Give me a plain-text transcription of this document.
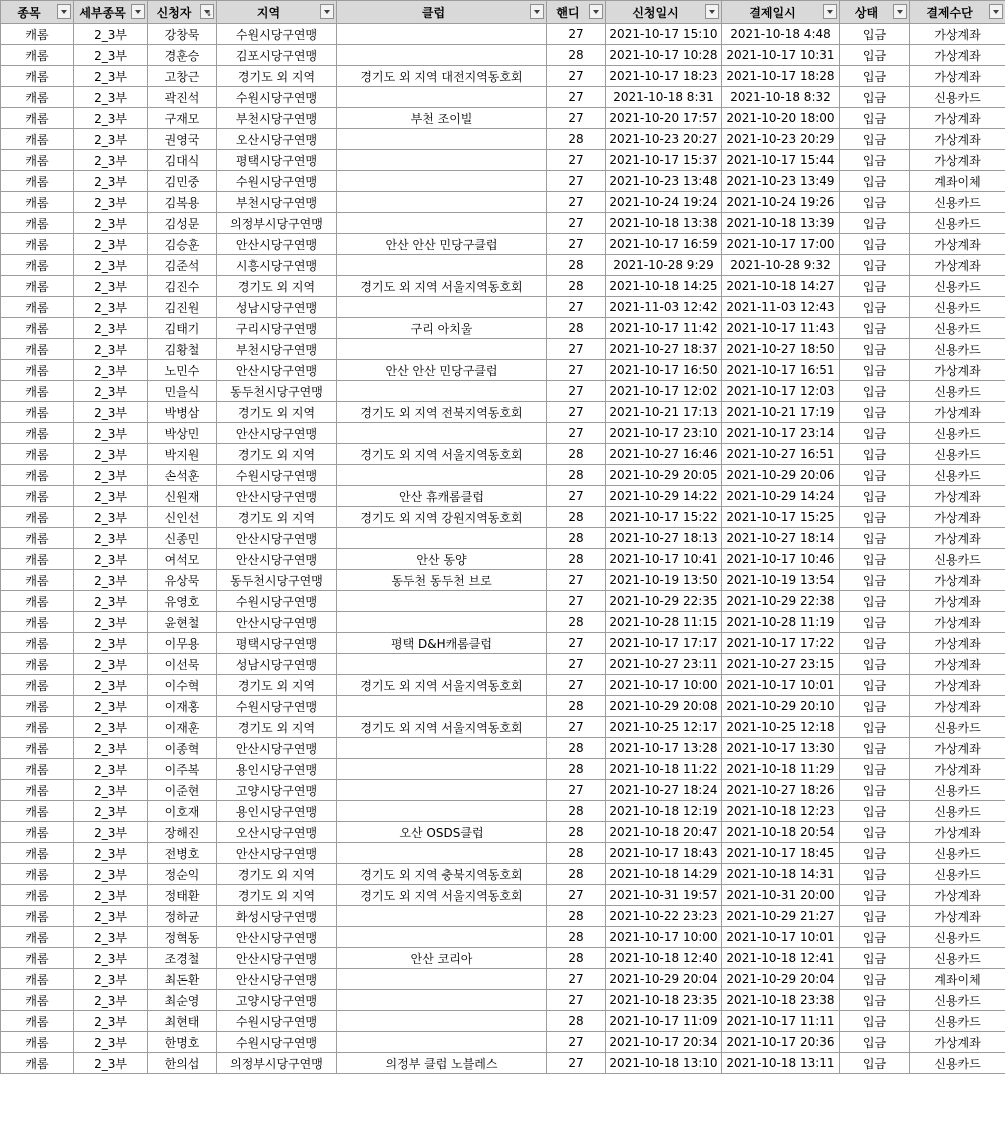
종목	세부종목	신청자 ↓	지역	클럽	핸디	신청일시	결제일시	상태	결제수단

캐롬	2_3부	강창묵	수원시당구연맹		27	2021-10-17 15:10	2021-10-18 4:48	입금	가상계좌
캐롬	2_3부	경훈승	김포시당구연맹		28	2021-10-17 10:28	2021-10-17 10:31	입금	가상계좌
캐롬	2_3부	고창근	경기도 외 지역	경기도 외 지역 대전지역동호회	27	2021-10-17 18:23	2021-10-17 18:28	입금	가상계좌
캐롬	2_3부	곽진석	수원시당구연맹		27	2021-10-18 8:31	2021-10-18 8:32	입금	신용카드
캐롬	2_3부	구재모	부천시당구연맹	부천 조이빌	27	2021-10-20 17:57	2021-10-20 18:00	입금	가상계좌
캐롬	2_3부	권영국	오산시당구연맹		28	2021-10-23 20:27	2021-10-23 20:29	입금	가상계좌
캐롬	2_3부	김대식	평택시당구연맹		27	2021-10-17 15:37	2021-10-17 15:44	입금	가상계좌
캐롬	2_3부	김민중	수원시당구연맹		27	2021-10-23 13:48	2021-10-23 13:49	입금	계좌이체
캐롬	2_3부	김복용	부천시당구연맹		27	2021-10-24 19:24	2021-10-24 19:26	입금	신용카드
캐롬	2_3부	김성문	의정부시당구연맹		27	2021-10-18 13:38	2021-10-18 13:39	입금	신용카드
캐롬	2_3부	김승훈	안산시당구연맹	안산 안산 민당구클럽	27	2021-10-17 16:59	2021-10-17 17:00	입금	가상계좌
캐롬	2_3부	김준석	시흥시당구연맹		28	2021-10-28 9:29	2021-10-28 9:32	입금	가상계좌
캐롬	2_3부	김진수	경기도 외 지역	경기도 외 지역 서울지역동호회	28	2021-10-18 14:25	2021-10-18 14:27	입금	신용카드
캐롬	2_3부	김진원	성남시당구연맹		27	2021-11-03 12:42	2021-11-03 12:43	입금	신용카드
캐롬	2_3부	김태기	구리시당구연맹	구리 아치울	28	2021-10-17 11:42	2021-10-17 11:43	입금	신용카드
캐롬	2_3부	김황철	부천시당구연맹		27	2021-10-27 18:37	2021-10-27 18:50	입금	신용카드
캐롬	2_3부	노민수	안산시당구연맹	안산 안산 민당구클럽	27	2021-10-17 16:50	2021-10-17 16:51	입금	가상계좌
캐롬	2_3부	민을식	동두천시당구연맹		27	2021-10-17 12:02	2021-10-17 12:03	입금	신용카드
캐롬	2_3부	박병삼	경기도 외 지역	경기도 외 지역 전북지역동호회	27	2021-10-21 17:13	2021-10-21 17:19	입금	가상계좌
캐롬	2_3부	박상민	안산시당구연맹		27	2021-10-17 23:10	2021-10-17 23:14	입금	신용카드
캐롬	2_3부	박지원	경기도 외 지역	경기도 외 지역 서울지역동호회	28	2021-10-27 16:46	2021-10-27 16:51	입금	신용카드
캐롬	2_3부	손석훈	수원시당구연맹		28	2021-10-29 20:05	2021-10-29 20:06	입금	신용카드
캐롬	2_3부	신원재	안산시당구연맹	안산 휴캐롬클럽	27	2021-10-29 14:22	2021-10-29 14:24	입금	가상계좌
캐롬	2_3부	신인선	경기도 외 지역	경기도 외 지역 강원지역동호회	28	2021-10-17 15:22	2021-10-17 15:25	입금	가상계좌
캐롬	2_3부	신종민	안산시당구연맹		28	2021-10-27 18:13	2021-10-27 18:14	입금	가상계좌
캐롬	2_3부	여석모	안산시당구연맹	안산 동양	28	2021-10-17 10:41	2021-10-17 10:46	입금	신용카드
캐롬	2_3부	유상묵	동두천시당구연맹	동두천 동두천 브로	27	2021-10-19 13:50	2021-10-19 13:54	입금	가상계좌
캐롬	2_3부	유영호	수원시당구연맹		27	2021-10-29 22:35	2021-10-29 22:38	입금	가상계좌
캐롬	2_3부	윤현철	안산시당구연맹		28	2021-10-28 11:15	2021-10-28 11:19	입금	가상계좌
캐롬	2_3부	이무용	평택시당구연맹	평택 D&H캐롬클럽	27	2021-10-17 17:17	2021-10-17 17:22	입금	가상계좌
캐롬	2_3부	이선묵	성남시당구연맹		27	2021-10-27 23:11	2021-10-27 23:15	입금	가상계좌
캐롬	2_3부	이수혁	경기도 외 지역	경기도 외 지역 서울지역동호회	27	2021-10-17 10:00	2021-10-17 10:01	입금	가상계좌
캐롬	2_3부	이재홍	수원시당구연맹		28	2021-10-29 20:08	2021-10-29 20:10	입금	가상계좌
캐롬	2_3부	이재훈	경기도 외 지역	경기도 외 지역 서울지역동호회	27	2021-10-25 12:17	2021-10-25 12:18	입금	신용카드
캐롬	2_3부	이종혁	안산시당구연맹		28	2021-10-17 13:28	2021-10-17 13:30	입금	가상계좌
캐롬	2_3부	이주복	용인시당구연맹		28	2021-10-18 11:22	2021-10-18 11:29	입금	가상계좌
캐롬	2_3부	이준현	고양시당구연맹		27	2021-10-27 18:24	2021-10-27 18:26	입금	신용카드
캐롬	2_3부	이호재	용인시당구연맹		28	2021-10-18 12:19	2021-10-18 12:23	입금	신용카드
캐롬	2_3부	장해진	오산시당구연맹	오산 OSDS클럽	28	2021-10-18 20:47	2021-10-18 20:54	입금	가상계좌
캐롬	2_3부	전병호	안산시당구연맹		28	2021-10-17 18:43	2021-10-17 18:45	입금	신용카드
캐롬	2_3부	정순익	경기도 외 지역	경기도 외 지역 충북지역동호회	28	2021-10-18 14:29	2021-10-18 14:31	입금	신용카드
캐롬	2_3부	정태환	경기도 외 지역	경기도 외 지역 서울지역동호회	27	2021-10-31 19:57	2021-10-31 20:00	입금	가상계좌
캐롬	2_3부	정하균	화성시당구연맹		28	2021-10-22 23:23	2021-10-29 21:27	입금	가상계좌
캐롬	2_3부	정혁동	안산시당구연맹		28	2021-10-17 10:00	2021-10-17 10:01	입금	신용카드
캐롬	2_3부	조경철	안산시당구연맹	안산 코리아	28	2021-10-18 12:40	2021-10-18 12:41	입금	신용카드
캐롬	2_3부	최돈환	안산시당구연맹		27	2021-10-29 20:04	2021-10-29 20:04	입금	계좌이체
캐롬	2_3부	최순영	고양시당구연맹		27	2021-10-18 23:35	2021-10-18 23:38	입금	신용카드
캐롬	2_3부	최현태	수원시당구연맹		28	2021-10-17 11:09	2021-10-17 11:11	입금	신용카드
캐롬	2_3부	한명호	수원시당구연맹		27	2021-10-17 20:34	2021-10-17 20:36	입금	가상계좌
캐롬	2_3부	한의섭	의정부시당구연맹	의정부 클럽 노블레스	27	2021-10-18 13:10	2021-10-18 13:11	입금	신용카드
